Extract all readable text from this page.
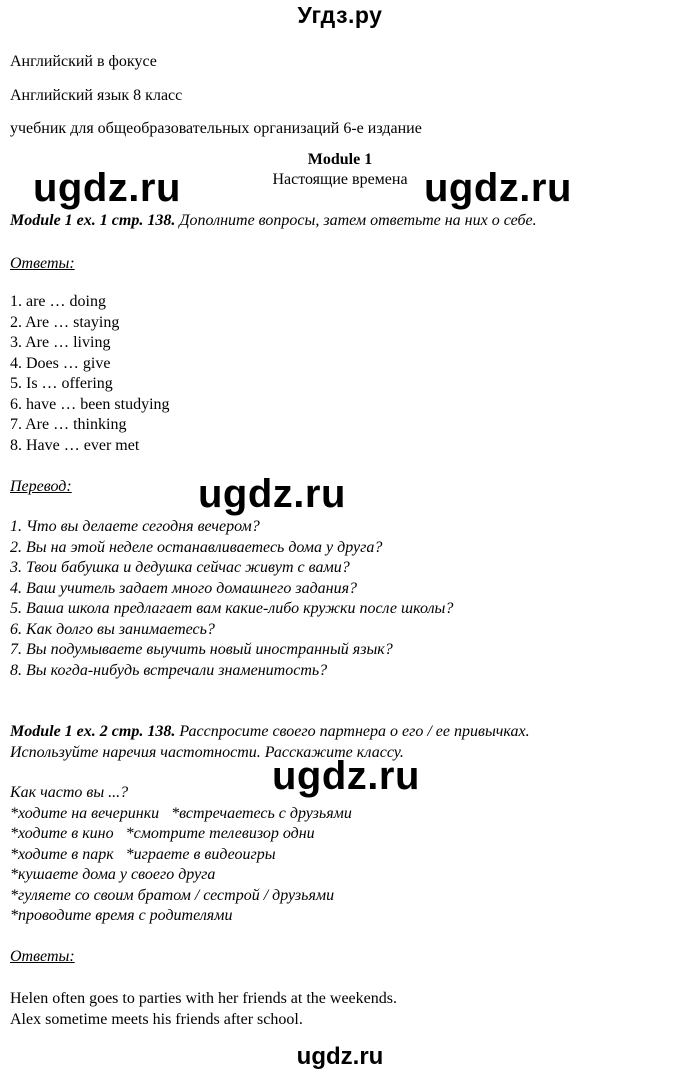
Угдз.ру
Английский в фокусе
Английский язык 8 класс
учебник для общеобразовательных организаций 6-е издание
Module 1
Настоящие времена
ugdz.ru	ugdz.ru
Module 1 ex. 1 стр. 138. Дополните вопросы, затем ответьте на них о себе.
Ответы:
1. are … doing
2. Are … staying
3. Are … living
4. Does … give
5. Is … offering
6. have … been studying
7. Are … thinking
8. Have … ever met
Перевод:	ugdz.ru
1. Что вы делаете сегодня вечером?
2. Вы на этой неделе останавливаетесь дома у друга?
3. Твои бабушка и дедушка сейчас живут с вами?
4. Ваш учитель задает много домашнего задания?
5. Ваша школа предлагает вам какие-либо кружки после школы?
6. Как долго вы занимаетесь?
7. Вы подумываете выучить новый иностранный язык?
8. Вы когда-нибудь встречали знаменитость?
Module 1 ex. 2 стр. 138. Расспросите своего партнера о его / ее привычках.
Используйте наречия частотности. Расскажите классу.
ugdz.ru
Как часто вы ...?
*ходите на вечеринки   *встречаетесь с друзьями
*ходите в кино   *смотрите телевизор одни
*ходите в парк   *играете в видеоигры
*кушаете дома у своего друга
*гуляете со своим братом / сестрой / друзьями
*проводите время с родителями
Ответы:
Helen often goes to parties with her friends at the weekends.
Alex sometime meets his friends after school.
ugdz.ru
